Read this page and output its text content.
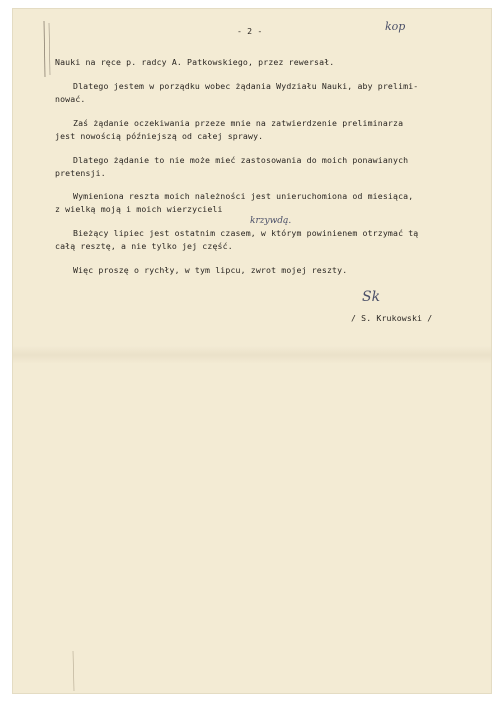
- 2 -	kop
Nauki na ręce p. radcy A. Patkowskiego, przez rewersał.
Dlatego jestem w porządku wobec żądania Wydziału Nauki, aby prelimi-
nować.
Zaś żądanie oczekiwania przeze mnie na zatwierdzenie preliminarza
jest nowością późniejszą od całej sprawy.
Dlatego żądanie to nie może mieć zastosowania do moich ponawianych
pretensji.
Wymieniona reszta moich należności jest unieruchomiona od miesiąca,
z wielką moją i moich wierzycieli
krzywdą.
Bieżący lipiec jest ostatnim czasem, w którym powinienem otrzymać tą
całą resztę, a nie tylko jej część.
Więc proszę o rychły, w tym lipcu, zwrot mojej reszty.
Sk
/ S. Krukowski /
